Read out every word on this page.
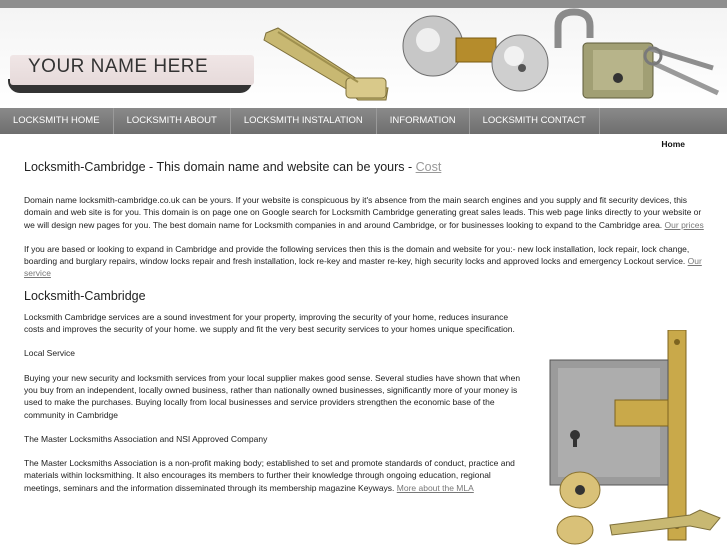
YOUR NAME HERE
LOCKSMITH HOME	LOCKSMITH ABOUT	LOCKSMITH INSTALATION	INFORMATION	LOCKSMITH CONTACT
Home
Locksmith-Cambridge - This domain name and website can be yours - Cost

Domain name locksmith-cambridge.co.uk can be yours. If your website is conspicuous by it's absence from the main search engines and you supply and fit security devices, this domain and web site is for you. This domain is on page one on Google search for Locksmith Cambridge generating great sales leads. This web page links directly to your website or we will design new pages for you. The best domain name for Locksmith companies in and around Cambridge, or for businesses looking to expand to the Cambridge area. Our prices

If you are based or looking to expand in Cambridge and provide the following services then this is the domain and website for you:- new lock installation, lock repair, lock change, boarding and burglary repairs, window locks repair and fresh installation, lock re-key and master re-key, high security locks and approved locks and emergency Lockout service. Our service

Locksmith-Cambridge

Locksmith Cambridge services are a sound investment for your property, improving the security of your home, reduces insurance costs and improves the security of your home. we supply and fit the very best security services to your homes unique specification.

Local Service

Buying your new security and locksmith services from your local supplier makes good sense. Several studies have shown that when you buy from an independent, locally owned business, rather than nationally owned businesses, significantly more of your money is used to make the purchases. Buying locally from local businesses and service providers strengthen the economic base of the community in Cambridge

The Master Locksmiths Association and NSI Approved Company

The Master Locksmiths Association is a non-profit making body; established to set and promote standards of conduct, practice and materials within locksmithing. It also encourages its members to further their knowledge through ongoing education, regional meetings, seminars and the information disseminated through its membership magazine Keyways. More about the MLA
